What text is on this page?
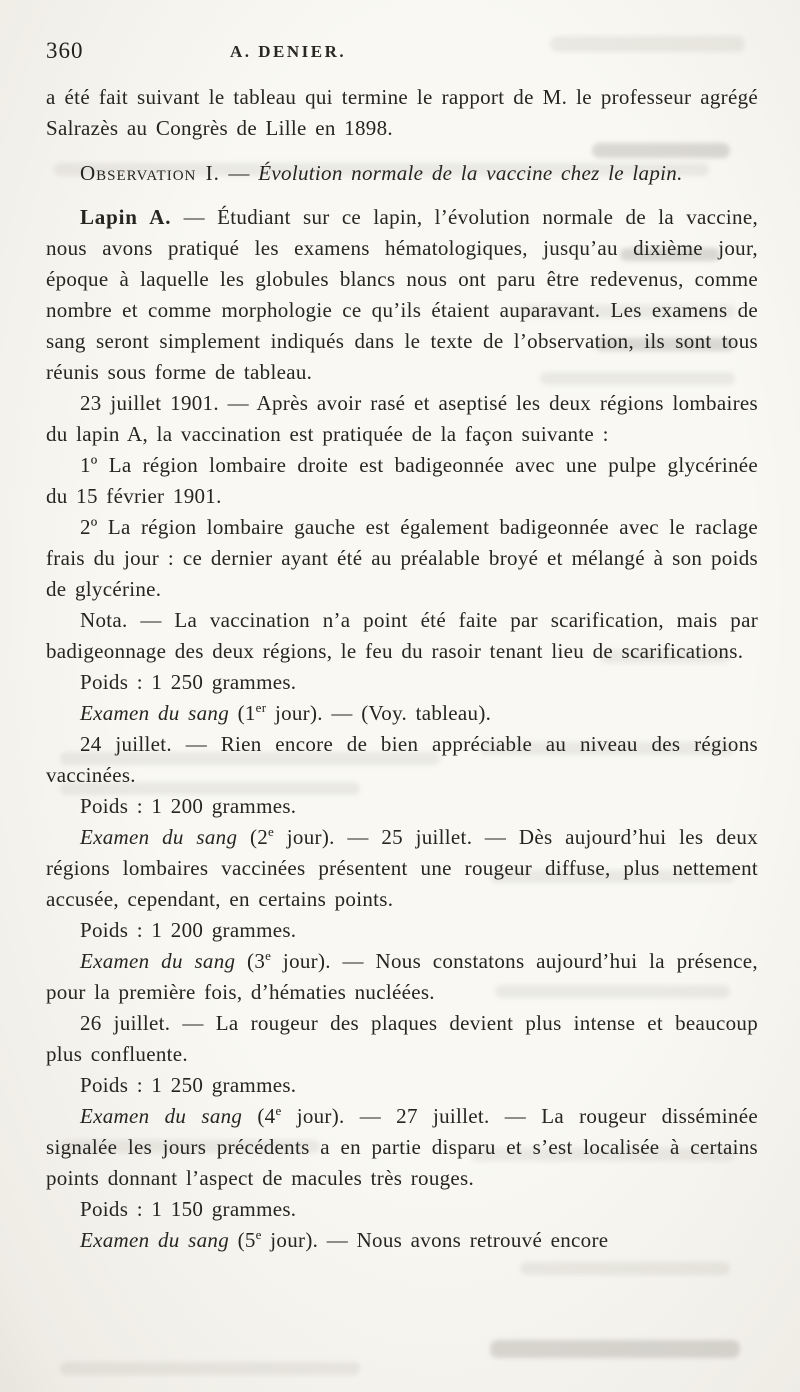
360	A. DENIER.

a été fait suivant le tableau qui termine le rapport de M. le professeur agrégé Salrazès au Congrès de Lille en 1898.

Observation I. — Évolution normale de la vaccine chez le lapin.

Lapin A. — Étudiant sur ce lapin, l’évolution normale de la vaccine, nous avons pratiqué les examens hématologiques, jusqu’au dixième jour, époque à laquelle les globules blancs nous ont paru être redevenus, comme nombre et comme morphologie ce qu’ils étaient auparavant. Les examens de sang seront simplement indiqués dans le texte de l’observation, ils sont tous réunis sous forme de tableau.

23 juillet 1901. — Après avoir rasé et aseptisé les deux régions lombaires du lapin A, la vaccination est pratiquée de la façon suivante :

1º La région lombaire droite est badigeonnée avec une pulpe glycérinée du 15 février 1901.

2º La région lombaire gauche est également badigeonnée avec le raclage frais du jour : ce dernier ayant été au préalable broyé et mélangé à son poids de glycérine.

Nota. — La vaccination n’a point été faite par scarification, mais par badigeonnage des deux régions, le feu du rasoir tenant lieu de scarifications.

Poids : 1 250 grammes.

Examen du sang (1er jour). — (Voy. tableau).

24 juillet. — Rien encore de bien appréciable au niveau des régions vaccinées.

Poids : 1 200 grammes.

Examen du sang (2e jour). — 25 juillet. — Dès aujourd’hui les deux régions lombaires vaccinées présentent une rougeur diffuse, plus nettement accusée, cependant, en certains points.

Poids : 1 200 grammes.

Examen du sang (3e jour). — Nous constatons aujourd’hui la présence, pour la première fois, d’hématies nucléées.

26 juillet. — La rougeur des plaques devient plus intense et beaucoup plus confluente.

Poids : 1 250 grammes.

Examen du sang (4e jour). — 27 juillet. — La rougeur disséminée signalée les jours précédents a en partie disparu et s’est localisée à certains points donnant l’aspect de macules très rouges.

Poids : 1 150 grammes.

Examen du sang (5e jour). — Nous avons retrouvé encore
